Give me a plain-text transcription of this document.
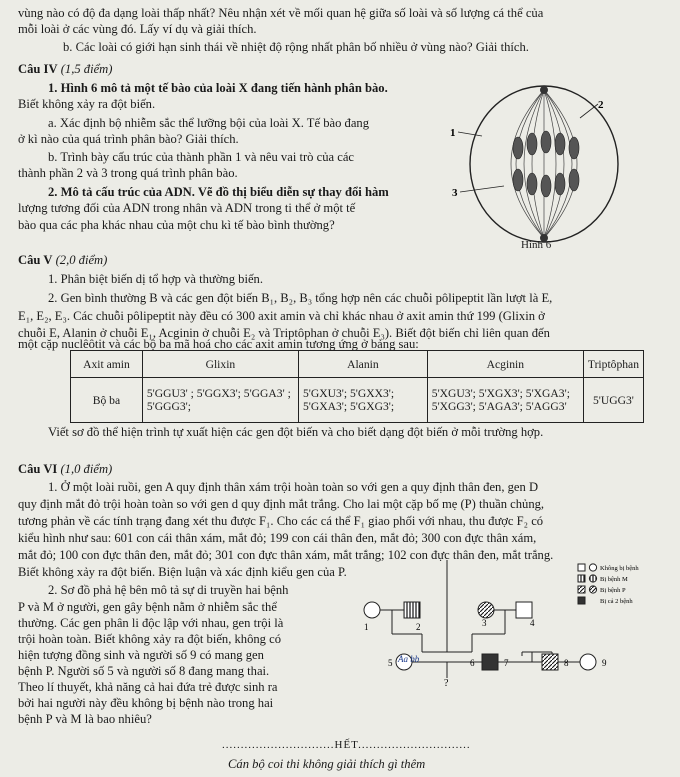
vùng nào có độ đa dạng loài thấp nhất? Nêu nhận xét về mối quan hệ giữa số loài và số lượng cá thể của
mỗi loài ở các vùng đó. Lấy ví dụ và giải thích.
b. Các loài có giới hạn sinh thái về nhiệt độ rộng nhất phân bố nhiều ở vùng nào? Giải thích.
Câu IV (1,5 điểm)
1. Hình 6 mô tả một tế bào của loài X đang tiến hành phân bào.
Biết không xảy ra đột biến.
a. Xác định bộ nhiễm sắc thể lưỡng bội của loài X. Tế bào đang
ở kì nào của quá trình phân bào? Giải thích.
b. Trình bày cấu trúc của thành phần 1 và nêu vai trò của các
thành phần 2 và 3 trong quá trình phân bào.
2. Mô tả cấu trúc của ADN. Vẽ đồ thị biểu diễn sự thay đổi hàm
lượng tương đối của ADN trong nhân và ADN trong ti thể ở một tế
bào qua các pha khác nhau của một chu kì tế bào bình thường?
2
1
3
Hình 6
Câu V (2,0 điểm)
1. Phân biệt biến dị tổ hợp và thường biến.
2. Gen bình thường B và các gen đột biến B₁, B₂, B₃ tổng hợp nên các chuỗi pôlipeptit lần lượt là E,
E₁, E₂, E₃. Các chuỗi pôlipeptit này đều có 300 axit amin và chỉ khác nhau ở axit amin thứ 199 (Glixin ở
chuỗi E, Alanin ở chuỗi E₁, Acginin ở chuỗi E₂ và Triptôphan ở chuỗi E₃). Biết đột biến chỉ liên quan đến
một cặp nuclêôtit và các bộ ba mã hoá cho các axit amin tương ứng ở bảng sau:
Axit amin	Glixin	Alanin	Acginin	Triptôphan
Bộ ba	5'GGU3' ; 5'GGX3'; 5'GGA3' ; 5'GGG3';	5'GXU3'; 5'GXX3'; 5'GXA3'; 5'GXG3';	5'XGU3'; 5'XGX3'; 5'XGA3'; 5'XGG3'; 5'AGA3'; 5'AGG3'	5'UGG3'
Viết sơ đồ thể hiện trình tự xuất hiện các gen đột biến và cho biết dạng đột biến ở mỗi trường hợp.
Câu VI (1,0 điểm)
1. Ở một loài ruồi, gen A quy định thân xám trội hoàn toàn so với gen a quy định thân đen, gen D
quy định mắt đỏ trội hoàn toàn so với gen d quy định mắt trắng. Cho lai một cặp bố mẹ (P) thuần chủng,
tương phản về các tính trạng đang xét thu được F₁. Cho các cá thể F₁ giao phối với nhau, thu được F₂ có
kiểu hình như sau: 601 con cái thân xám, mắt đỏ; 199 con cái thân đen, mắt đỏ; 300 con đực thân xám,
mắt đỏ; 100 con đực thân đen, mắt đỏ; 301 con đực thân xám, mắt trắng; 102 con đực thân đen, mắt trắng.
Biết không xảy ra đột biến. Biện luận và xác định kiểu gen của P.
2. Sơ đồ phả hệ bên mô tả sự di truyền hai bệnh
P và M ở người, gen gây bệnh nằm ở nhiễm sắc thể
thường. Các gen phân li độc lập với nhau, gen trội là
trội hoàn toàn. Biết không xảy ra đột biến, không có
hiện tượng đồng sinh và người số 9 có mang gen
bệnh P. Người số 5 và người số 8 đang mang thai.
Theo lí thuyết, khả năng cả hai đứa trẻ được sinh ra
bởi hai người này đều không bị bệnh nào trong hai
bệnh P và M là bao nhiêu?
Không bị bệnh
Bị bệnh M
Bị bệnh P
Bị cả 2 bệnh
1	2	3	4
5	6	7	8	9
?
Aa bb
..............................HẾT..............................
Cán bộ coi thi không giải thích gì thêm
